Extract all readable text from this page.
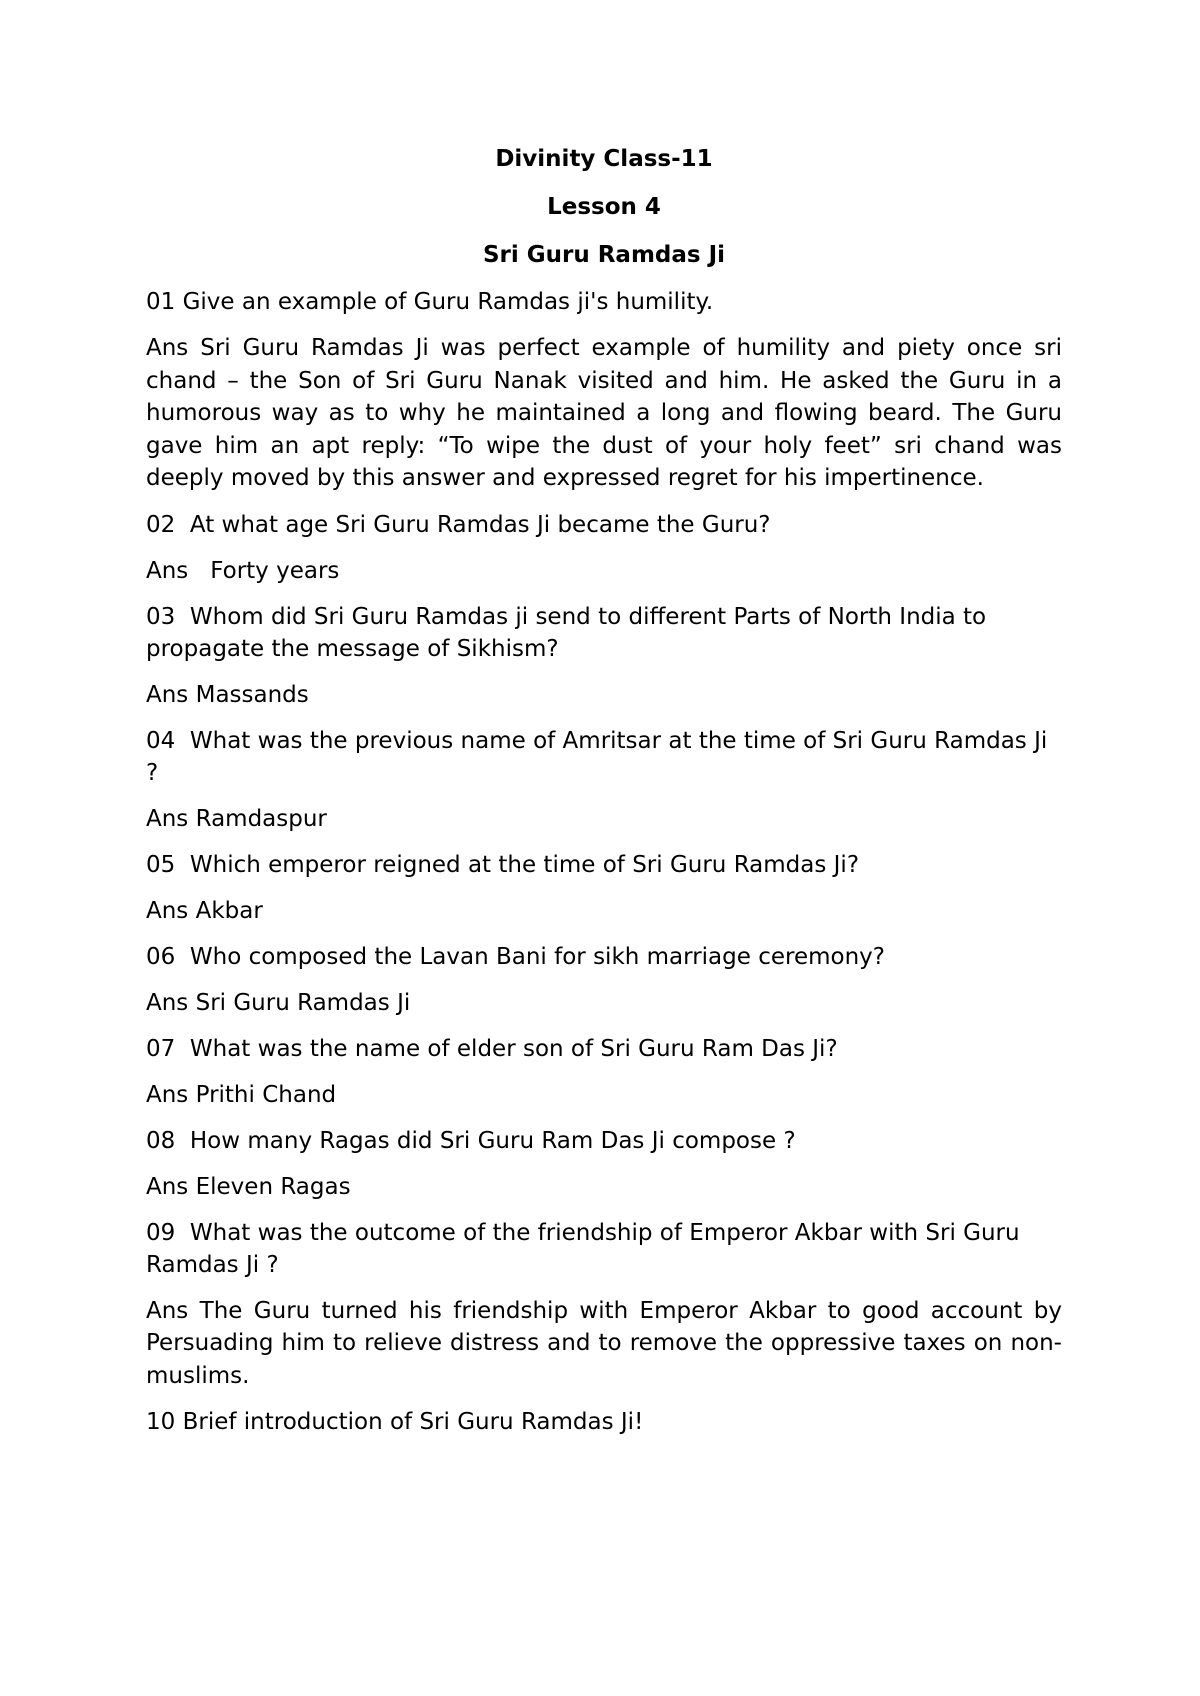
Divinity Class-11
Lesson 4
Sri Guru Ramdas Ji
01 Give an example of Guru Ramdas ji's humility.
Ans Sri Guru Ramdas Ji was perfect example of humility and piety once sri chand – the Son of Sri Guru Nanak visited and him. He asked the Guru in a humorous way as to why he maintained a long and flowing beard. The Guru gave him an apt reply: “To wipe the dust of your holy feet” sri chand was deeply moved by this answer and expressed regret for his impertinence.
02  At what age Sri Guru Ramdas Ji became the Guru?
Ans   Forty years
03  Whom did Sri Guru Ramdas ji send to different Parts of North India to propagate the message of Sikhism?
Ans Massands
04  What was the previous name of Amritsar at the time of Sri Guru Ramdas Ji ?
Ans Ramdaspur
05  Which emperor reigned at the time of Sri Guru Ramdas Ji?
Ans Akbar
06  Who composed the Lavan Bani for sikh marriage ceremony?
Ans Sri Guru Ramdas Ji
07  What was the name of elder son of Sri Guru Ram Das Ji?
Ans Prithi Chand
08  How many Ragas did Sri Guru Ram Das Ji compose ?
Ans Eleven Ragas
09  What was the outcome of the friendship of Emperor Akbar with Sri Guru Ramdas Ji ?
Ans The Guru turned his friendship with Emperor Akbar to good account by Persuading him to relieve distress and to remove the oppressive taxes on non-muslims.
10 Brief introduction of Sri Guru Ramdas Ji!
